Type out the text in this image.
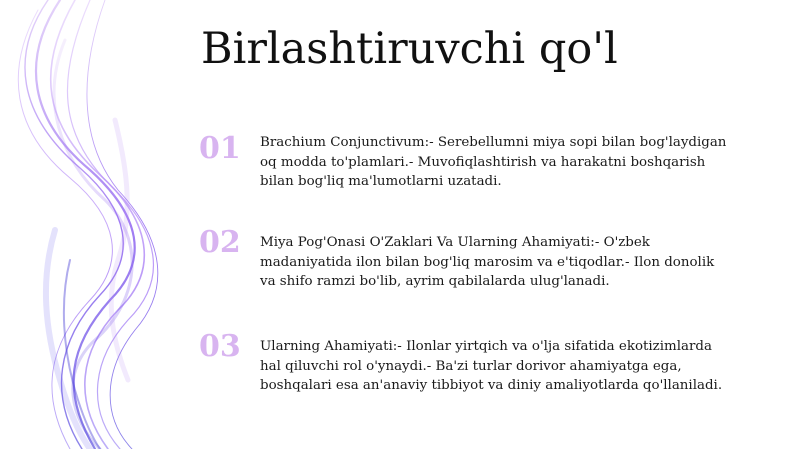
Birlashtiruvchi qo'l
01 Brachium Conjunctivum:- Serebellumni miya sopi bilan bog'laydigan oq modda to'plamlari.- Muvofiqlashtirish va harakatni boshqarish bilan bog'liq ma'lumotlarni uzatadi.

02 Miya Pog'Onasi O'Zaklari Va Ularning Ahamiyati:- O'zbek madaniyatida ilon bilan bog'liq marosim va e'tiqodlar.- Ilon donolik va shifo ramzi bo'lib, ayrim qabilalarda ulug'lanadi.

03 Ularning Ahamiyati:- Ilonlar yirtqich va o'lja sifatida ekotizimlarda hal qiluvchi rol o'ynaydi.- Ba'zi turlar dorivor ahamiyatga ega, boshqalari esa an'anaviy tibbiyot va diniy amaliyotlarda qo'llaniladi.
